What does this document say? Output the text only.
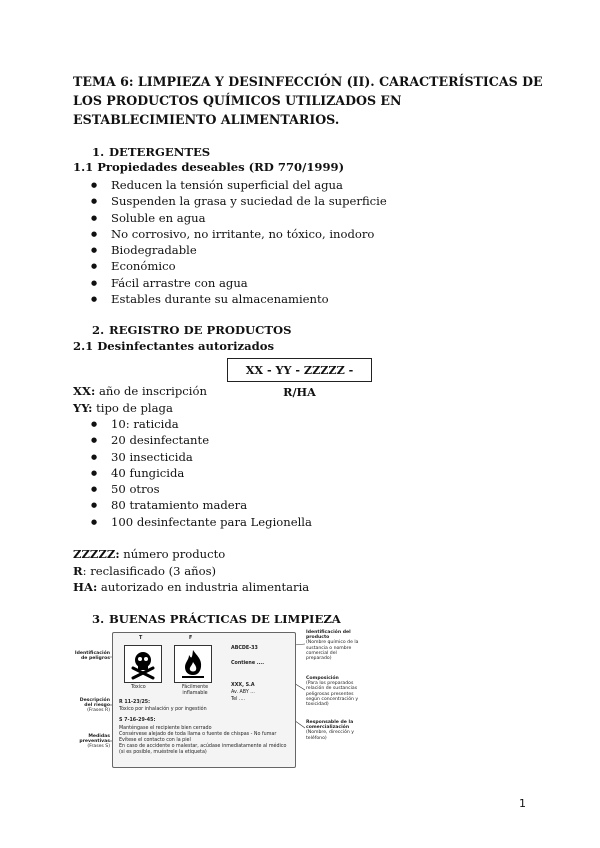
TEMA 6: LIMPIEZA Y DESINFECCIÓN (II). CARACTERÍSTICAS DE LOS PRODUCTOS QUÍMICOS UTILIZADOS EN ESTABLECIMIENTO ALIMENTARIOS.
1. DETERGENTES
1.1 Propiedades deseables (RD 770/1999)
● Reducen la tensión superficial del agua
● Suspenden la grasa y suciedad de la superficie
● Soluble en agua
● No corrosivo, no irritante, no tóxico, inodoro
● Biodegradable
● Económico
● Fácil arrastre con agua
● Estables durante su almacenamiento
2. REGISTRO DE PRODUCTOS
2.1 Desinfectantes autorizados
XX - YY - ZZZZZ - R/HA
XX: año de inscripción
YY: tipo de plaga
● 10: raticida
● 20 desinfectante
● 30 insecticida
● 40 fungicida
● 50 otros
● 80 tratamiento madera
● 100 desinfectante para Legionella
ZZZZZ: número producto
R: reclasificado (3 años)
HA: autorizado en industria alimentaria
3. BUENAS PRÁCTICAS DE LIMPIEZA
T	F
Tóxico	Fácilmente inflamable
R 11-23/25:
Tóxico por inhalación y por ingestión
S 7-16-29-45:
Manténgase el recipiente bien cerrado
Consérvese alejado de toda llama o fuente de chispas - No fumar
Evítese el contacto con la piel
En caso de accidente o malestar, acúdase inmediatamente al médico
(si es posible, muéstrele la etiqueta)
ABCDE-33
Contiene ....
XXX, S.A
Av. ABY ...
Tel ....
Identificación de peligros
Descripción del riesgo
(Frases R)
Medidas preventivas
(Frases S)
Identificación del producto
(Nombre químico de la sustancia o nombre comercial del preparado)
Composición
(Para los preparados relación de sustancias peligrosas presentes según concentración y toxicidad)
Responsable de la comercialización
(Nombre, dirección y teléfono)
1
